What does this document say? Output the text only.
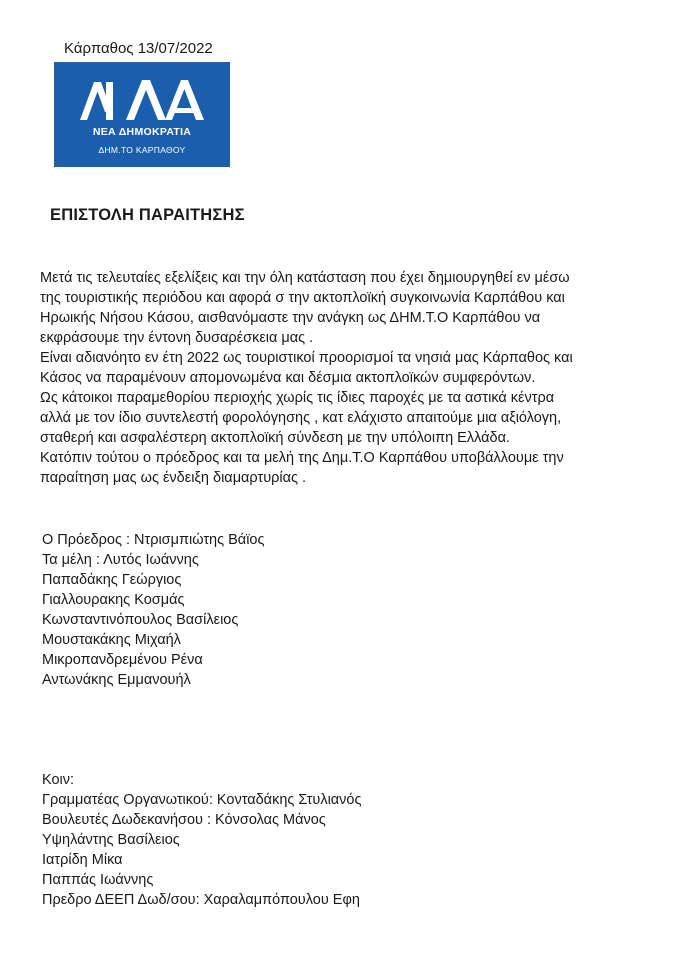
Κάρπαθος 13/07/2022
ΝΕΑ ΔΗΜΟΚΡΑΤΙΑ
ΔΗΜ.ΤΟ ΚΑΡΠΑΘΟΥ
ΕΠΙΣΤΟΛΗ ΠΑΡΑΙΤΗΣΗΣ
Μετά τις τελευταίες εξελίξεις και την όλη κατάσταση που έχει δημιουργηθεί εν μέσω
της τουριστικής περιόδου και αφορά σ την ακτοπλοϊκή συγκοινωνία Καρπάθου και
Ηρωικής Νήσου Κάσου, αισθανόμαστε την ανάγκη ως ΔΗΜ.Τ.Ο Καρπάθου να
εκφράσουμε την έντονη δυσαρέσκεια μας .
Είναι αδιανόητο εν έτη 2022 ως τουριστικοί προορισμοί τα νησιά μας Κάρπαθος και
Κάσος να παραμένουν απομονωμένα και δέσμια ακτοπλοϊκών συμφερόντων.
Ως κάτοικοι παραμεθορίου περιοχής χωρίς τις ίδιες παροχές με τα αστικά κέντρα
αλλά με τον ίδιο συντελεστή φορολόγησης , κατ ελάχιστο απαιτούμε μια αξιόλογη,
σταθερή και ασφαλέστερη ακτοπλοϊκή σύνδεση με την υπόλοιπη Ελλάδα.
Κατόπιν τούτου ο πρόεδρος και τα μελή της Δημ.Τ.Ο Καρπάθου υποβάλλουμε την
παραίτηση μας ως ένδειξη διαμαρτυρίας .
Ο Πρόεδρος : Ντρισμπιώτης Βάϊος
Τα μέλη : Λυτός Ιωάννης
Παπαδάκης Γεώργιος
Γιαλλουρακης Κοσμάς
Κωνσταντινόπουλος Βασίλειος
Μουστακάκης Μιχαήλ
Μικροπανδρεμένου Ρένα
Αντωνάκης Εμμανουήλ
Κοιν:
Γραμματέας Οργανωτικού: Κονταδάκης Στυλιανός
Βουλευτές Δωδεκανήσου : Κόνσολας Μάνος
Υψηλάντης Βασίλειος
Ιατρίδη Μίκα
Παππάς Ιωάννης
Πρεδρο ΔΕΕΠ Δωδ/σου: Χαραλαμπόπουλου Εφη
